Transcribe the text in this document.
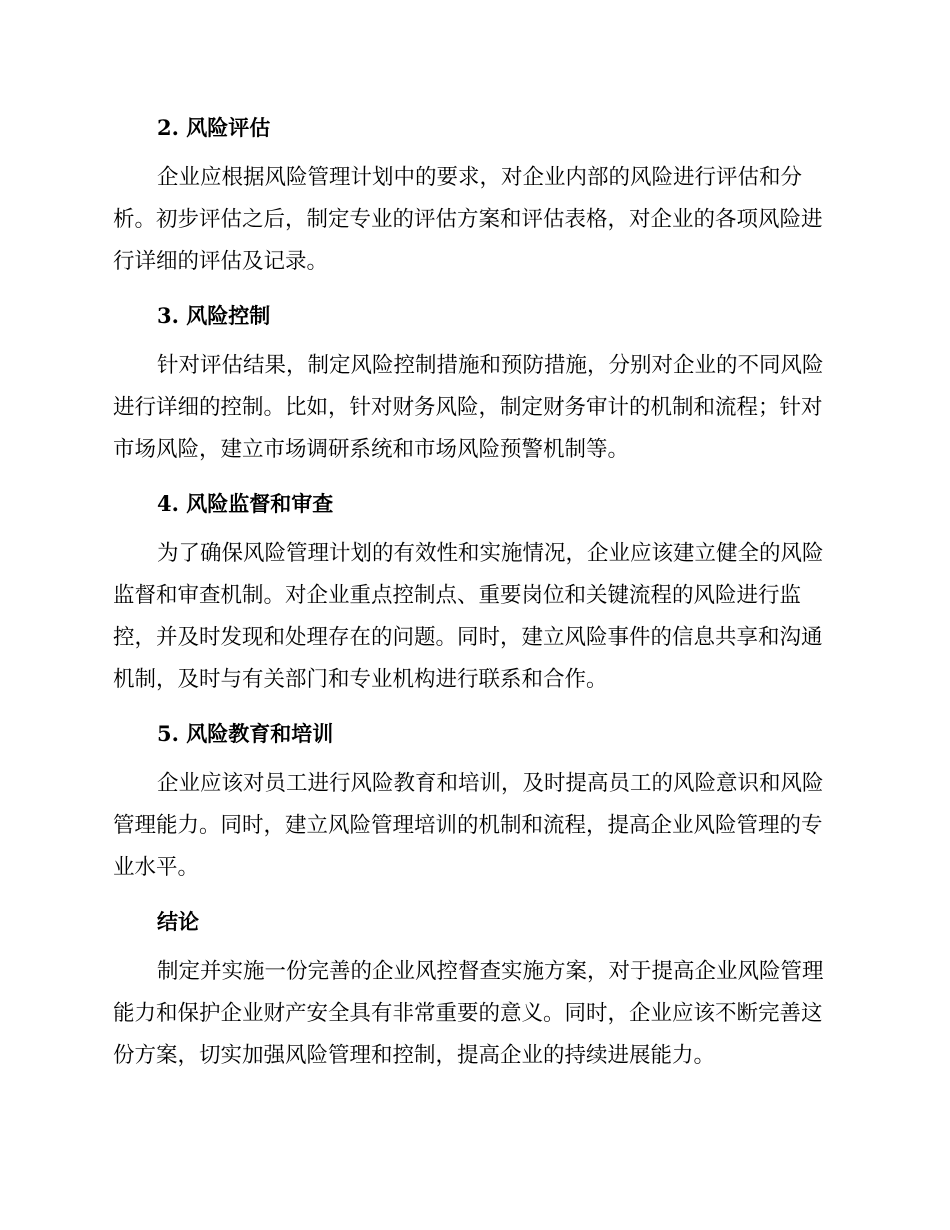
2. 风险评估

企业应根据风险管理计划中的要求，对企业内部的风险进行评估和分
析。初步评估之后，制定专业的评估方案和评估表格，对企业的各项风险进
行详细的评估及记录。

3. 风险控制

针对评估结果，制定风险控制措施和预防措施，分别对企业的不同风险
进行详细的控制。比如，针对财务风险，制定财务审计的机制和流程；针对
市场风险，建立市场调研系统和市场风险预警机制等。

4. 风险监督和审查

为了确保风险管理计划的有效性和实施情况，企业应该建立健全的风险
监督和审查机制。对企业重点控制点、重要岗位和关键流程的风险进行监
控，并及时发现和处理存在的问题。同时，建立风险事件的信息共享和沟通
机制，及时与有关部门和专业机构进行联系和合作。

5. 风险教育和培训

企业应该对员工进行风险教育和培训，及时提高员工的风险意识和风险
管理能力。同时，建立风险管理培训的机制和流程，提高企业风险管理的专
业水平。

结论

制定并实施一份完善的企业风控督查实施方案，对于提高企业风险管理
能力和保护企业财产安全具有非常重要的意义。同时，企业应该不断完善这
份方案，切实加强风险管理和控制，提高企业的持续进展能力。
